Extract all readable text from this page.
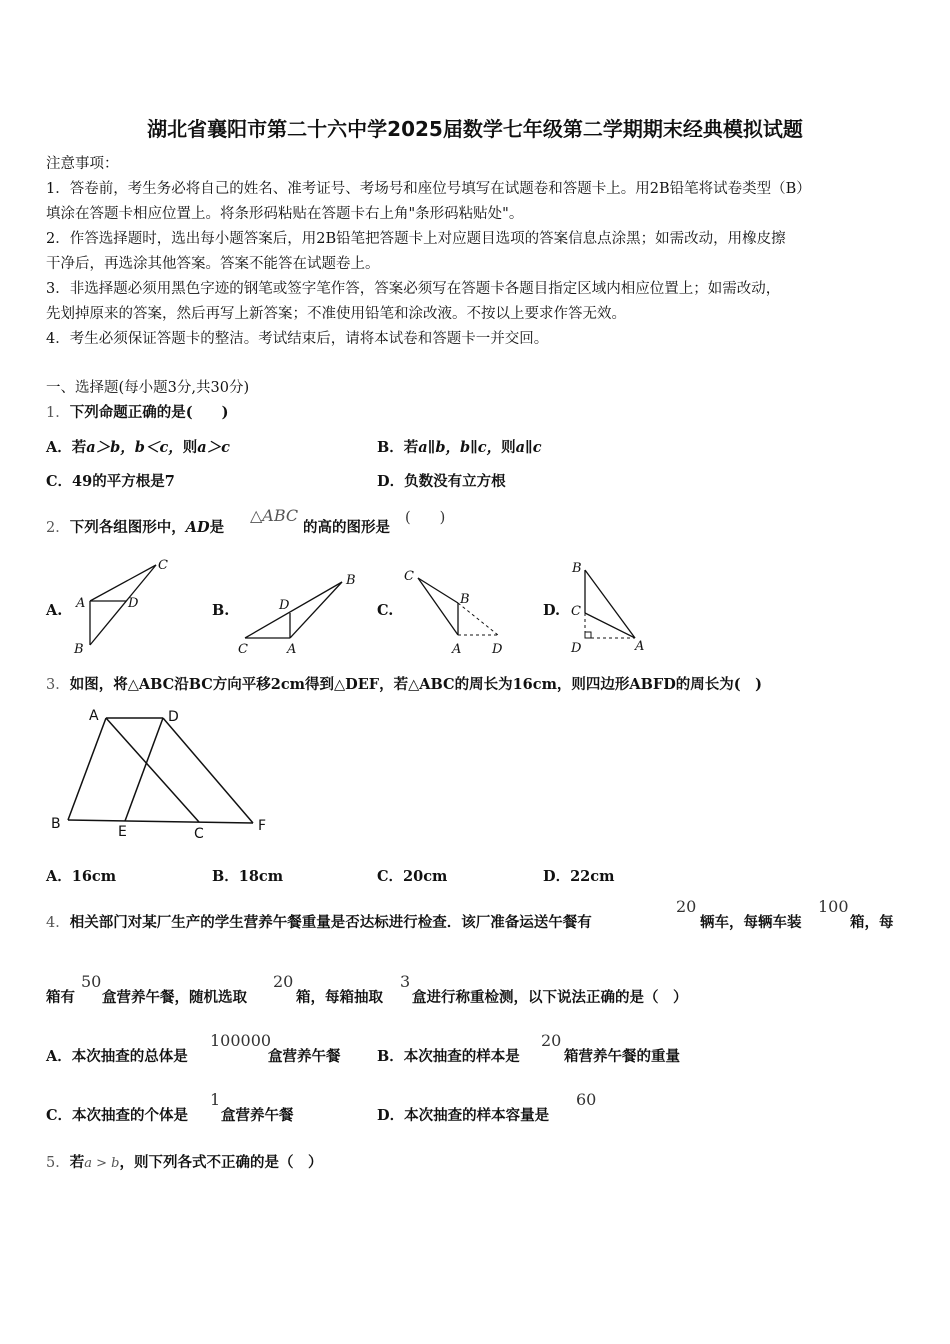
湖北省襄阳市第二十六中学2025届数学七年级第二学期期末经典模拟试题
注意事项：
1．答卷前，考生务必将自己的姓名、准考证号、考场号和座位号填写在试题卷和答题卡上。用2B铅笔将试卷类型（B）
填涂在答题卡相应位置上。将条形码粘贴在答题卡右上角"条形码粘贴处"。
2．作答选择题时，选出每小题答案后，用2B铅笔把答题卡上对应题目选项的答案信息点涂黑；如需改动，用橡皮擦
干净后，再选涂其他答案。答案不能答在试题卷上。
3．非选择题必须用黑色字迹的钢笔或签字笔作答，答案必须写在答题卡各题目指定区域内相应位置上；如需改动，
先划掉原来的答案，然后再写上新答案；不准使用铅笔和涂改液。不按以上要求作答无效。
4．考生必须保证答题卡的整洁。考试结束后，请将本试卷和答题卡一并交回。
一、选择题(每小题3分,共30分)
1．下列命题正确的是(　　)
A．若a＞b，b＜c，则a＞c	B．若a∥b，b∥c，则a∥c
C．49的平方根是7	D．负数没有立方根
2．下列各组图形中，AD是
△ABC
的高的图形是
(　　)
A.	B.	C.	D.
C
A	D
B
B
D
C	A
C
B
A D
B
C
D	A
3．如图，将△ABC沿BC方向平移2cm得到△DEF，若△ABC的周长为16cm，则四边形ABFD的周长为(　)
A	D
B	E	C	F
A．16cm	B．18cm	C．20cm	D．22cm
4．相关部门对某厂生产的学生营养午餐重量是否达标进行检查．该厂准备运送午餐有
20
辆车，每辆车装
100
箱，每
箱有
50
盒营养午餐，随机选取
20
箱，每箱抽取
3
盒进行称重检测，以下说法正确的是（　）
A．本次抽查的总体是
100000
盒营养午餐	B．本次抽查的样本是
20
箱营养午餐的重量
C．本次抽查的个体是
1
盒营养午餐	D．本次抽查的样本容量是
60
5．若a > b，则下列各式不正确的是（　）
